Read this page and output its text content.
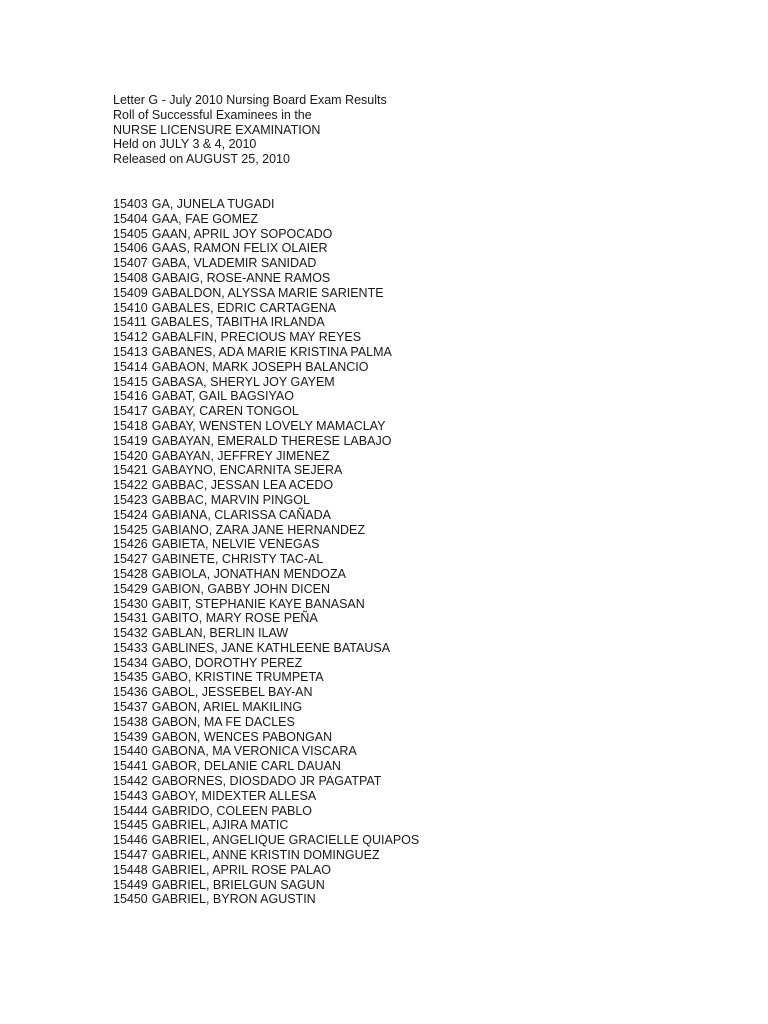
Letter G - July 2010 Nursing Board Exam Results
Roll of Successful Examinees in the
NURSE LICENSURE EXAMINATION
Held on JULY 3 & 4, 2010
Released on AUGUST 25, 2010
15403 GA, JUNELA TUGADI
15404 GAA, FAE GOMEZ
15405 GAAN, APRIL JOY SOPOCADO
15406 GAAS, RAMON FELIX OLAIER
15407 GABA, VLADEMIR SANIDAD
15408 GABAIG, ROSE-ANNE RAMOS
15409 GABALDON, ALYSSA MARIE SARIENTE
15410 GABALES, EDRIC CARTAGENA
15411 GABALES, TABITHA IRLANDA
15412 GABALFIN, PRECIOUS MAY REYES
15413 GABANES, ADA MARIE KRISTINA PALMA
15414 GABAON, MARK JOSEPH BALANCIO
15415 GABASA, SHERYL JOY GAYEM
15416 GABAT, GAIL BAGSIYAO
15417 GABAY, CAREN TONGOL
15418 GABAY, WENSTEN LOVELY MAMACLAY
15419 GABAYAN, EMERALD THERESE LABAJO
15420 GABAYAN, JEFFREY JIMENEZ
15421 GABAYNO, ENCARNITA SEJERA
15422 GABBAC, JESSAN LEA ACEDO
15423 GABBAC, MARVIN PINGOL
15424 GABIANA, CLARISSA CAÑADA
15425 GABIANO, ZARA JANE HERNANDEZ
15426 GABIETA, NELVIE VENEGAS
15427 GABINETE, CHRISTY TAC-AL
15428 GABIOLA, JONATHAN MENDOZA
15429 GABION, GABBY JOHN DICEN
15430 GABIT, STEPHANIE KAYE BANASAN
15431 GABITO, MARY ROSE PEÑA
15432 GABLAN, BERLIN ILAW
15433 GABLINES, JANE KATHLEENE BATAUSA
15434 GABO, DOROTHY PEREZ
15435 GABO, KRISTINE TRUMPETA
15436 GABOL, JESSEBEL BAY-AN
15437 GABON, ARIEL MAKILING
15438 GABON, MA FE DACLES
15439 GABON, WENCES PABONGAN
15440 GABONA, MA VERONICA VISCARA
15441 GABOR, DELANIE CARL DAUAN
15442 GABORNES, DIOSDADO JR PAGATPAT
15443 GABOY, MIDEXTER ALLESA
15444 GABRIDO, COLEEN PABLO
15445 GABRIEL, AJIRA MATIC
15446 GABRIEL, ANGELIQUE GRACIELLE QUIAPOS
15447 GABRIEL, ANNE KRISTIN DOMINGUEZ
15448 GABRIEL, APRIL ROSE PALAO
15449 GABRIEL, BRIELGUN SAGUN
15450 GABRIEL, BYRON AGUSTIN
